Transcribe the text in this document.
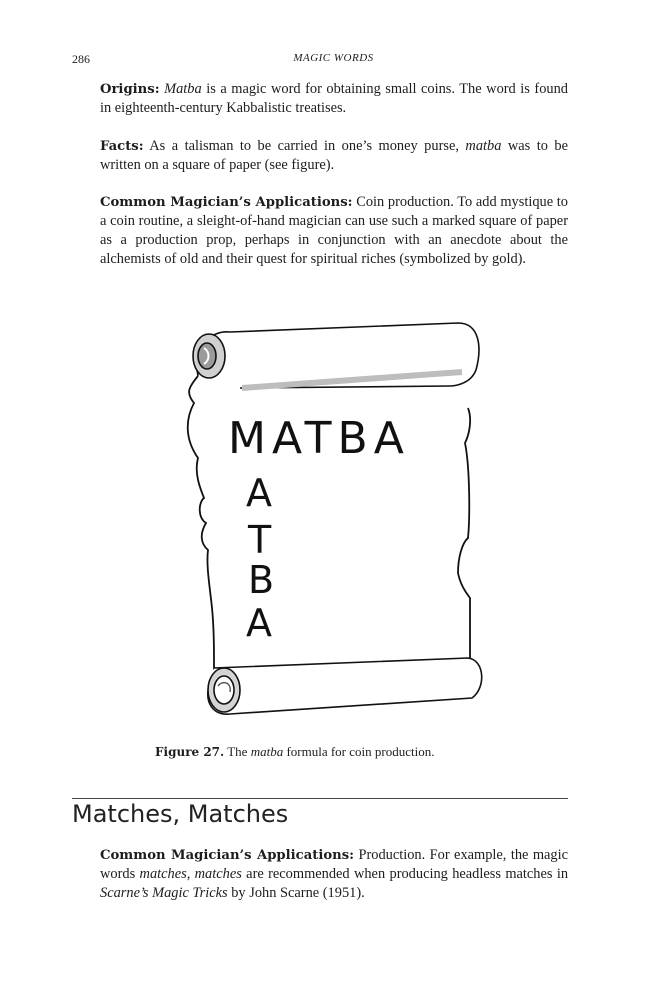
286	MAGIC WORDS

Origins: Matba is a magic word for obtaining small coins. The word is found in eighteenth-century Kabbalistic treatises.

Facts: As a talisman to be carried in one’s money purse, matba was to be written on a square of paper (see figure).

Common Magician’s Applications: Coin production. To add mystique to a coin routine, a sleight-of-hand magician can use such a marked square of paper as a production prop, perhaps in conjunction with an anecdote about the alchemists of old and their quest for spiritual riches (symbolized by gold).

MATBA
A
T
B
A
Figure 27. The matba formula for coin production.
Matches, Matches

Common Magician’s Applications: Production. For example, the magic words matches, matches are recommended when producing headless matches in Scarne’s Magic Tricks by John Scarne (1951).
